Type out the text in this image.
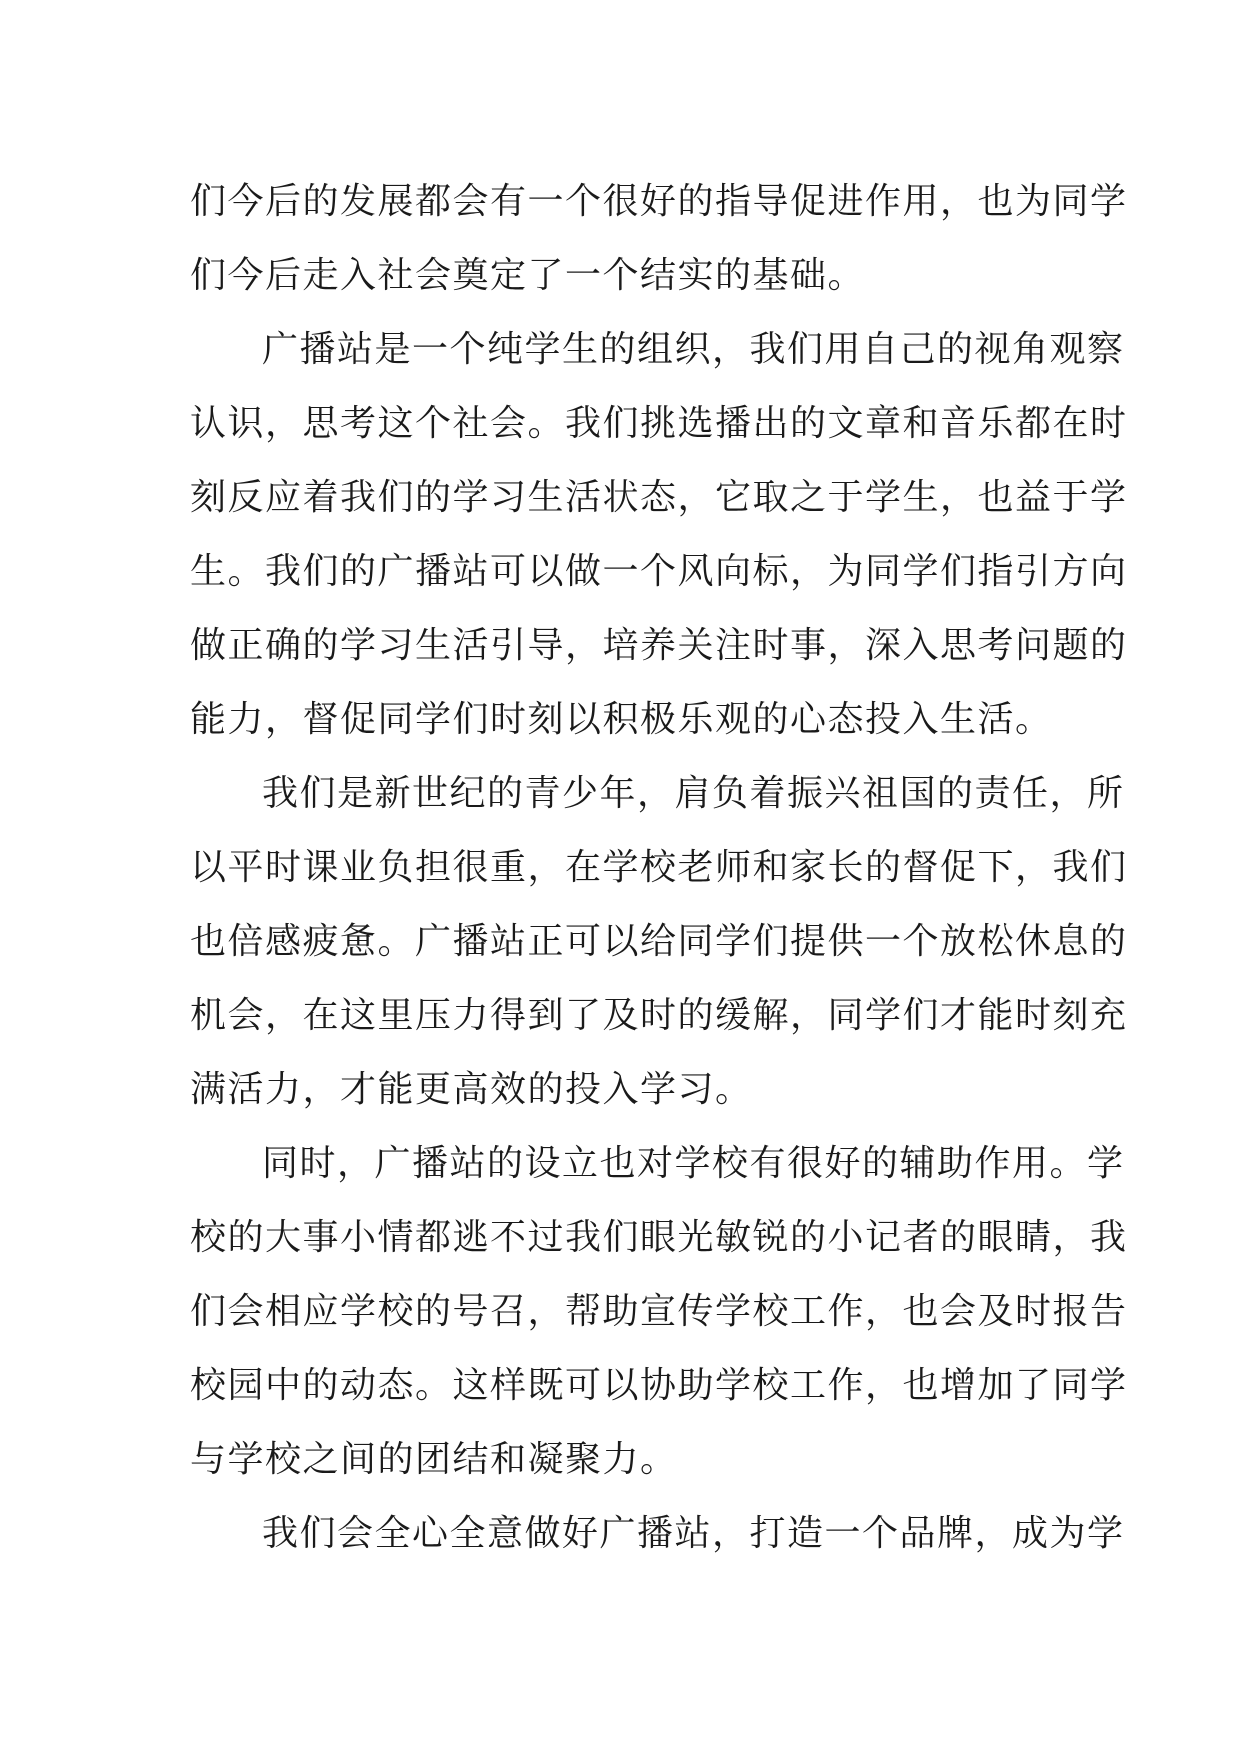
们今后的发展都会有一个很好的指导促进作用，也为同学
们今后走入社会奠定了一个结实的基础。
广播站是一个纯学生的组织，我们用自己的视角观察
认识，思考这个社会。我们挑选播出的文章和音乐都在时
刻反应着我们的学习生活状态，它取之于学生，也益于学
生。我们的广播站可以做一个风向标，为同学们指引方向
做正确的学习生活引导，培养关注时事，深入思考问题的
能力，督促同学们时刻以积极乐观的心态投入生活。
我们是新世纪的青少年，肩负着振兴祖国的责任，所
以平时课业负担很重，在学校老师和家长的督促下，我们
也倍感疲惫。广播站正可以给同学们提供一个放松休息的
机会，在这里压力得到了及时的缓解，同学们才能时刻充
满活力，才能更高效的投入学习。
同时，广播站的设立也对学校有很好的辅助作用。学
校的大事小情都逃不过我们眼光敏锐的小记者的眼睛，我
们会相应学校的号召，帮助宣传学校工作，也会及时报告
校园中的动态。这样既可以协助学校工作，也增加了同学
与学校之间的团结和凝聚力。
我们会全心全意做好广播站，打造一个品牌，成为学
